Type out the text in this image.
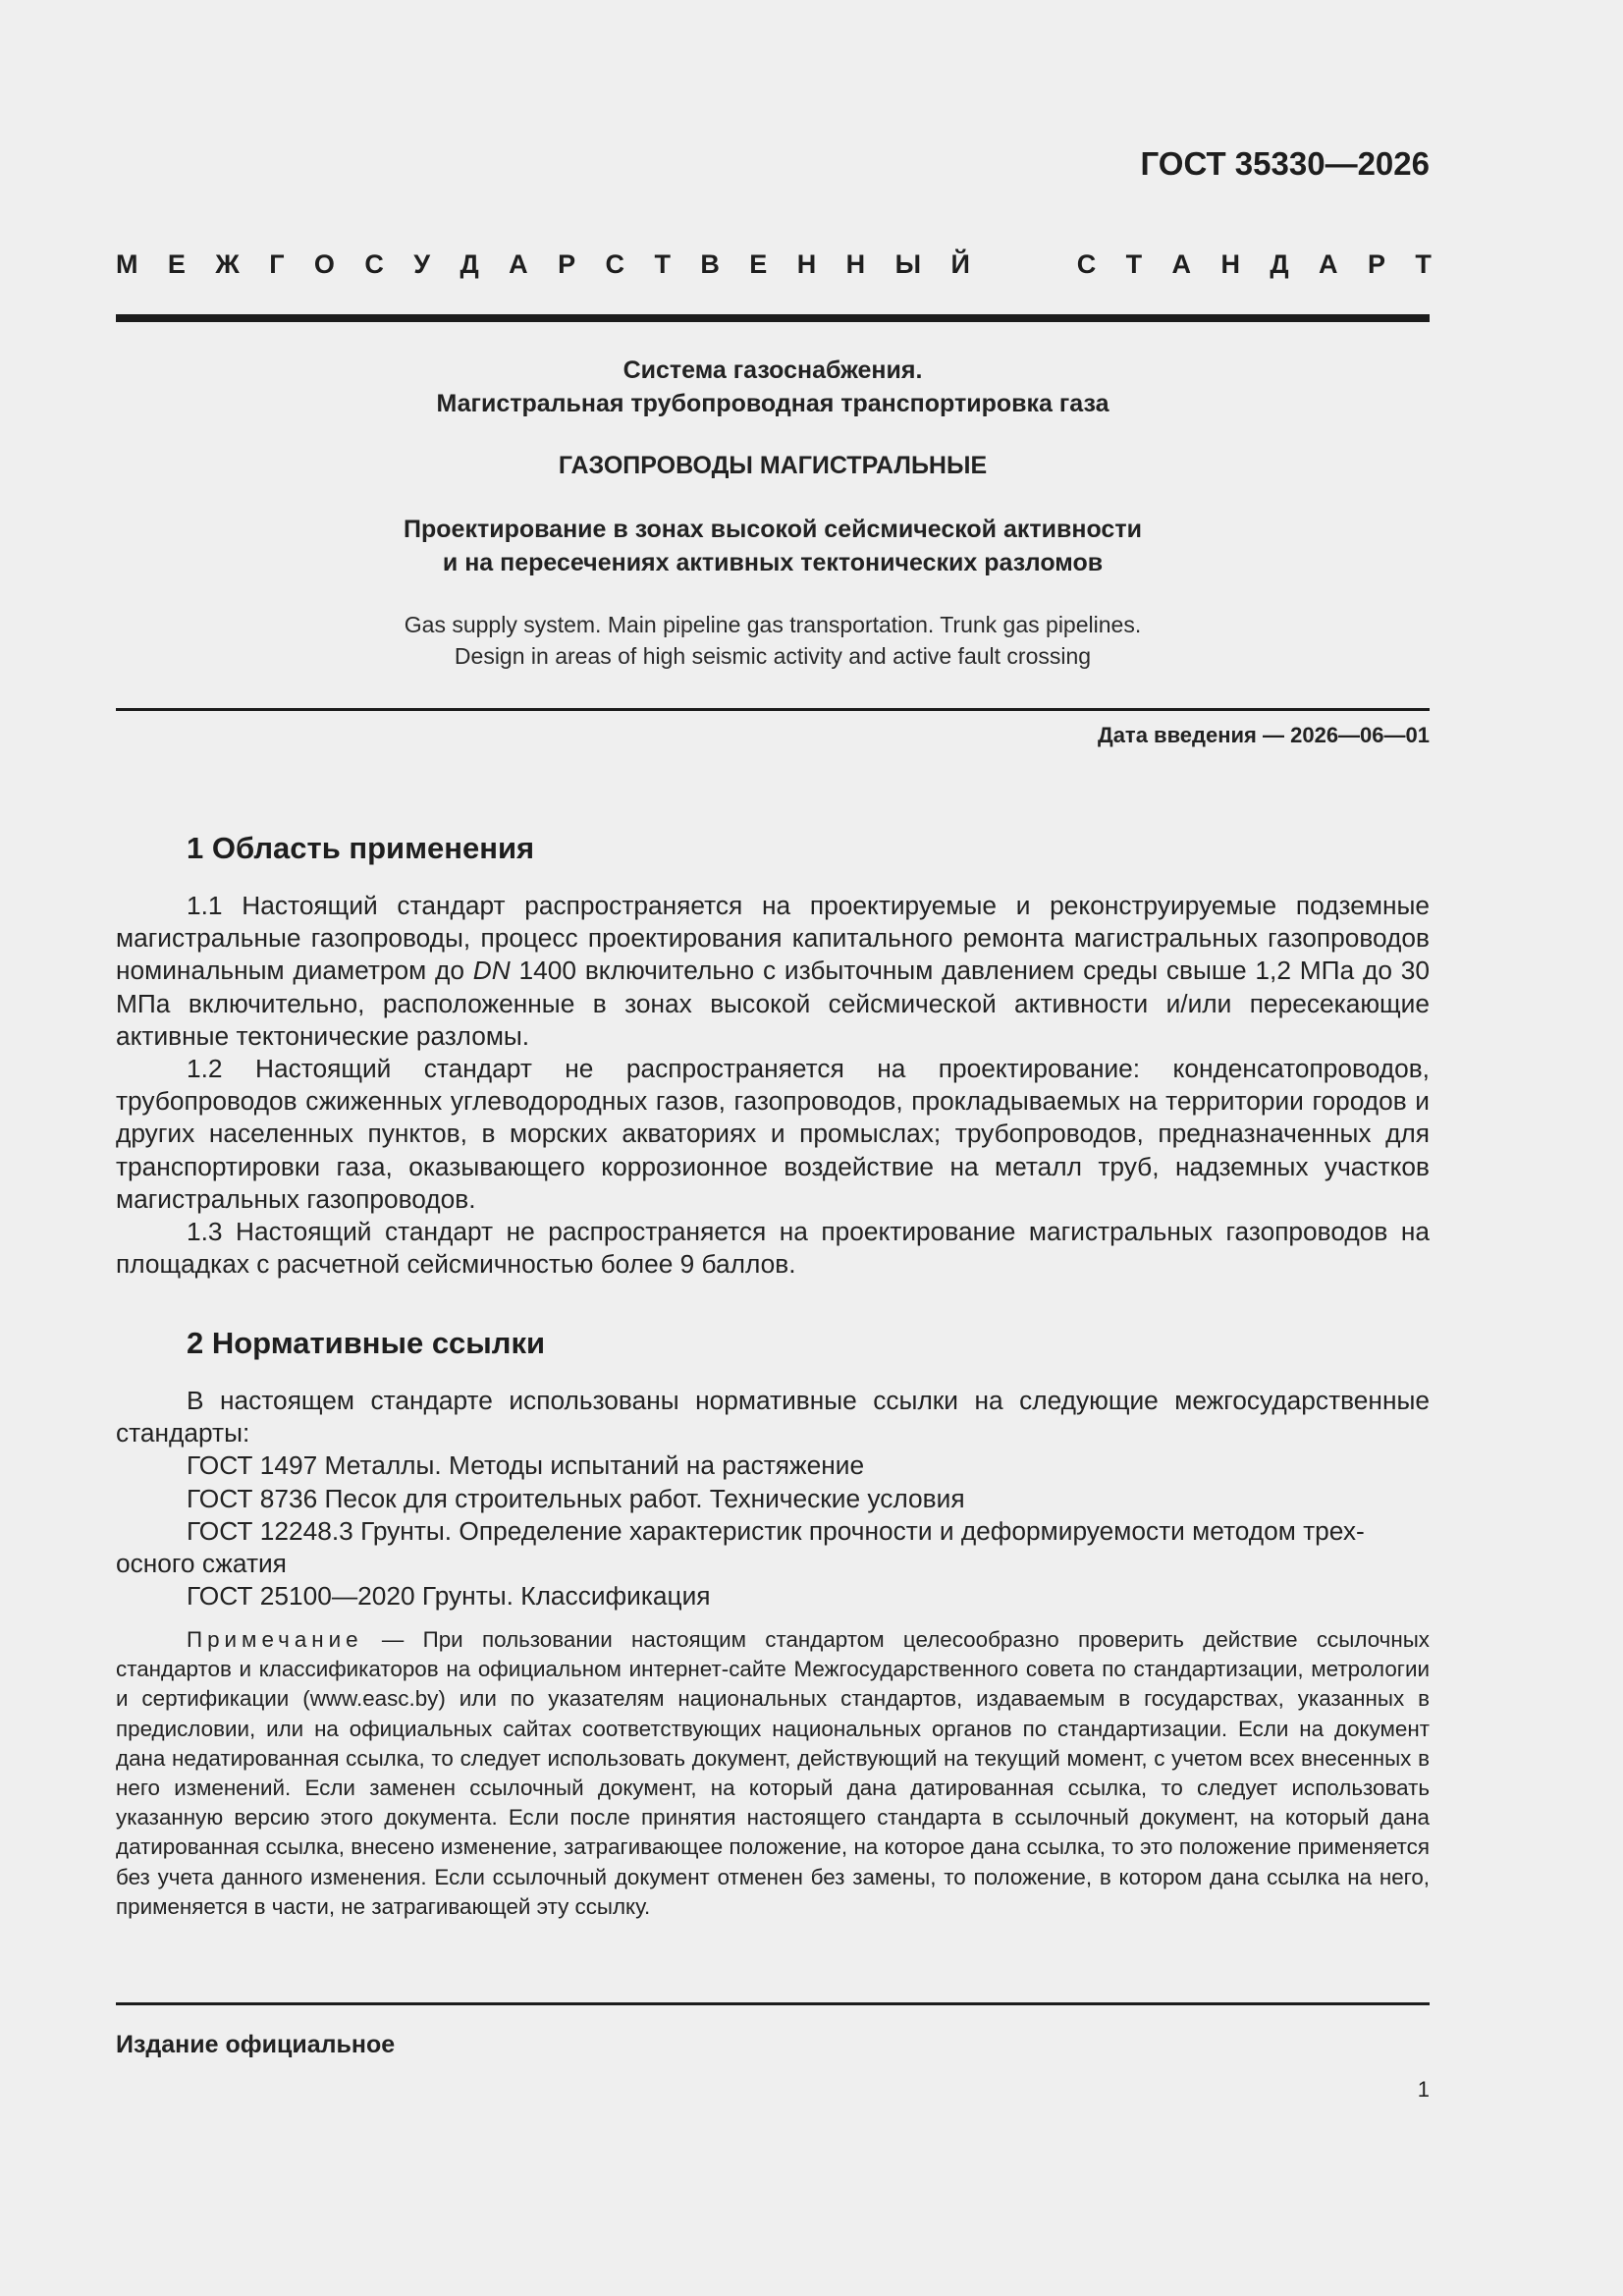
ГОСТ 35330—2026
М Е Ж Г О С У Д А Р С Т В Е Н Н Ы Й	С Т А Н Д А Р Т
Система газоснабжения.
Магистральная трубопроводная транспортировка газа
ГАЗОПРОВОДЫ МАГИСТРАЛЬНЫЕ
Проектирование в зонах высокой сейсмической активности
и на пересечениях активных тектонических разломов
Gas supply system. Main pipeline gas transportation. Trunk gas pipelines.
Design in areas of high seismic activity and active fault crossing
Дата введения — 2026—06—01
1 Область применения

1.1 Настоящий стандарт распространяется на проектируемые и реконструируемые подземные магистральные газопроводы, процесс проектирования капитального ремонта магистральных газопроводов номинальным диаметром до DN 1400 включительно с избыточным давлением среды свыше 1,2 МПа до 30 МПа включительно, расположенные в зонах высокой сейсмической активности и/или пересекающие активные тектонические разломы.

1.2 Настоящий стандарт не распространяется на проектирование: конденсатопроводов, трубопроводов сжиженных углеводородных газов, газопроводов, прокладываемых на территории городов и других населенных пунктов, в морских акваториях и промыслах; трубопроводов, предназначенных для транспортировки газа, оказывающего коррозионное воздействие на металл труб, надземных участков магистральных газопроводов.

1.3 Настоящий стандарт не распространяется на проектирование магистральных газопроводов на площадках с расчетной сейсмичностью более 9 баллов.

2 Нормативные ссылки

В настоящем стандарте использованы нормативные ссылки на следующие межгосударственные стандарты:

ГОСТ 1497 Металлы. Методы испытаний на растяжение
ГОСТ 8736 Песок для строительных работ. Технические условия
ГОСТ 12248.3 Грунты. Определение характеристик прочности и деформируемости методом трех-
осного сжатия
ГОСТ 25100—2020 Грунты. Классификация
Примечание — При пользовании настоящим стандартом целесообразно проверить действие ссылочных стандартов и классификаторов на официальном интернет-сайте Межгосударственного совета по стандартизации, метрологии и сертификации (www.easc.by) или по указателям национальных стандартов, издаваемым в государствах, указанных в предисловии, или на официальных сайтах соответствующих национальных органов по стандартизации. Если на документ дана недатированная ссылка, то следует использовать документ, действующий на текущий момент, с учетом всех внесенных в него изменений. Если заменен ссылочный документ, на который дана датированная ссылка, то следует использовать указанную версию этого документа. Если после принятия настоящего стандарта в ссылочный документ, на который дана датированная ссылка, внесено изменение, затрагивающее положение, на которое дана ссылка, то это положение применяется без учета данного изменения. Если ссылочный документ отменен без замены, то положение, в котором дана ссылка на него, применяется в части, не затрагивающей эту ссылку.
Издание официальное
1
